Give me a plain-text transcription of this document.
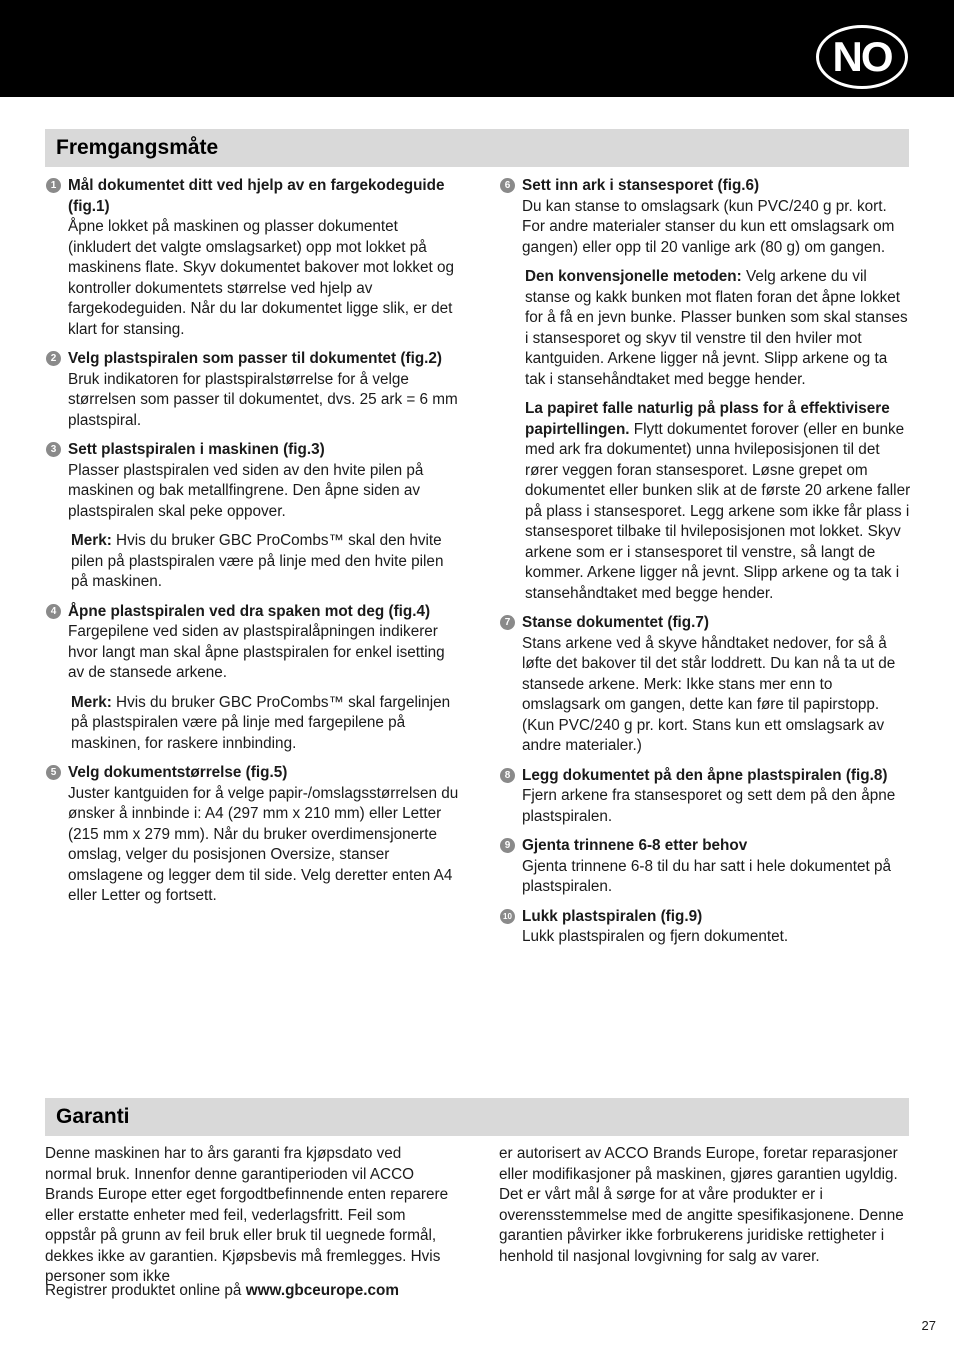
NO
Fremgangsmåte
1 Mål dokumentet ditt ved hjelp av en fargekodeguide (fig.1)
Åpne lokket på maskinen og plasser dokumentet (inkludert det valgte omslagsarket) opp mot lokket på maskinens flate. Skyv dokumentet bakover mot lokket og kontroller dokumentets størrelse ved hjelp av fargekodeguiden. Når du lar dokumentet ligge slik, er det klart for stansing.
2 Velg plastspiralen som passer til dokumentet (fig.2)
Bruk indikatoren for plastspiralstørrelse for å velge størrelsen som passer til dokumentet, dvs. 25 ark = 6 mm plastspiral.
3 Sett plastspiralen i maskinen (fig.3)
Plasser plastspiralen ved siden av den hvite pilen på maskinen og bak metallfingrene. Den åpne siden av plastspiralen skal peke oppover.
Merk: Hvis du bruker GBC ProCombs™ skal den hvite pilen på plastspiralen være på linje med den hvite pilen på maskinen.
4 Åpne plastspiralen ved dra spaken mot deg (fig.4)
Fargepilene ved siden av plastspiralåpningen indikerer hvor langt man skal åpne plastspiralen for enkel isetting av de stansede arkene.
Merk: Hvis du bruker GBC ProCombs™ skal fargelinjen på plastspiralen være på linje med fargepilene på maskinen, for raskere innbinding.
5 Velg dokumentstørrelse (fig.5)
Juster kantguiden for å velge papir-/omslagsstørrelsen du ønsker å innbinde i: A4 (297 mm x 210 mm) eller Letter (215 mm x 279 mm). Når du bruker overdimensjonerte omslag, velger du posisjonen Oversize, stanser omslagene og legger dem til side. Velg deretter enten A4 eller Letter og fortsett.
6 Sett inn ark i stansesporet (fig.6)
Du kan stanse to omslagsark (kun PVC/240 g pr. kort. For andre materialer stanser du kun ett omslagsark om gangen) eller opp til 20 vanlige ark (80 g) om gangen.
Den konvensjonelle metoden: Velg arkene du vil stanse og kakk bunken mot flaten foran det åpne lokket for å få en jevn bunke. Plasser bunken som skal stanses i stansesporet og skyv til venstre til den hviler mot kantguiden. Arkene ligger nå jevnt. Slipp arkene og ta tak i stansehåndtaket med begge hender.
La papiret falle naturlig på plass for å effektivisere papirtellingen. Flytt dokumentet forover (eller en bunke med ark fra dokumentet) unna hvileposisjonen til det rører veggen foran stansesporet. Løsne grepet om dokumentet eller bunken slik at de første 20 arkene faller på plass i stansesporet. Legg arkene som ikke får plass i stansesporet tilbake til hvileposisjonen mot lokket. Skyv arkene som er i stansesporet til venstre, så langt de kommer. Arkene ligger nå jevnt. Slipp arkene og ta tak i stansehåndtaket med begge hender.
7 Stanse dokumentet (fig.7)
Stans arkene ved å skyve håndtaket nedover, for så å løfte det bakover til det står loddrett. Du kan nå ta ut de stansede arkene. Merk: Ikke stans mer enn to omslagsark om gangen, dette kan føre til papirstopp. (Kun PVC/240 g pr. kort. Stans kun ett omslagsark av andre materialer.)
8 Legg dokumentet på den åpne plastspiralen (fig.8)
Fjern arkene fra stansesporet og sett dem på den åpne plastspiralen.
9 Gjenta trinnene 6-8 etter behov
Gjenta trinnene 6-8 til du har satt i hele dokumentet på plastspiralen.
10 Lukk plastspiralen (fig.9)
Lukk plastspiralen og fjern dokumentet.
Garanti
Denne maskinen har to års garanti fra kjøpsdato ved normal bruk. Innenfor denne garantiperioden vil ACCO Brands Europe etter eget forgodtbefinnende enten reparere eller erstatte enheter med feil, vederlagsfritt. Feil som oppstår på grunn av feil bruk eller bruk til uegnede formål, dekkes ikke av garantien. Kjøpsbevis må fremlegges. Hvis personer som ikke
er autorisert av ACCO Brands Europe, foretar reparasjoner eller modifikasjoner på maskinen, gjøres garantien ugyldig. Det er vårt mål å sørge for at våre produkter er i overensstemmelse med de angitte spesifikasjonene. Denne garantien påvirker ikke forbrukerens juridiske rettigheter i henhold til nasjonal lovgivning for salg av varer.
Registrer produktet online på www.gbceurope.com
27
